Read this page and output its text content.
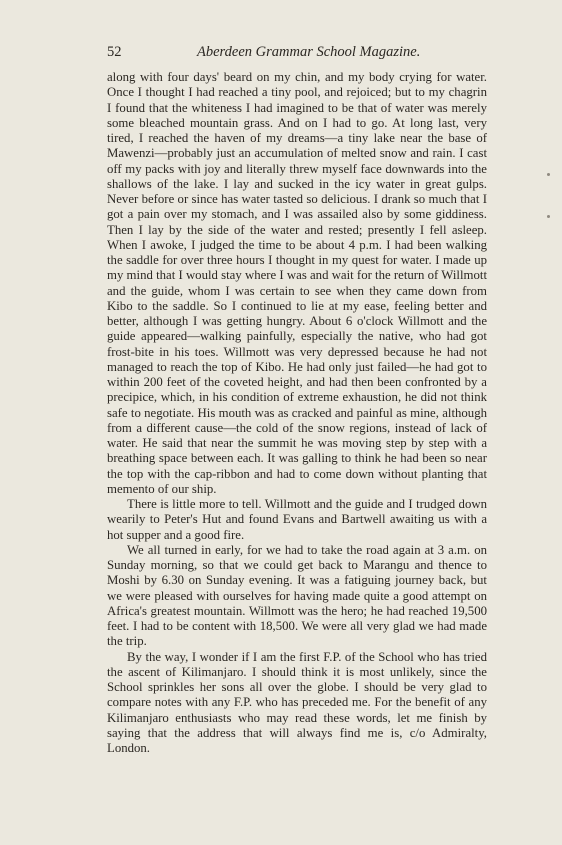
52	Aberdeen Grammar School Magazine.

along with four days' beard on my chin, and my body crying for water. Once I thought I had reached a tiny pool, and rejoiced; but to my chagrin I found that the whiteness I had imagined to be that of water was merely some bleached mountain grass. And on I had to go. At long last, very tired, I reached the haven of my dreams—a tiny lake near the base of Mawenzi—probably just an accumulation of melted snow and rain. I cast off my packs with joy and literally threw myself face downwards into the shallows of the lake. I lay and sucked in the icy water in great gulps. Never before or since has water tasted so delicious. I drank so much that I got a pain over my stomach, and I was assailed also by some giddiness. Then I lay by the side of the water and rested; presently I fell asleep. When I awoke, I judged the time to be about 4 p.m. I had been walking the saddle for over three hours I thought in my quest for water. I made up my mind that I would stay where I was and wait for the return of Willmott and the guide, whom I was certain to see when they came down from Kibo to the saddle. So I continued to lie at my ease, feeling better and better, although I was getting hungry. About 6 o'clock Willmott and the guide appeared—walking painfully, especially the native, who had got frost-bite in his toes. Willmott was very depressed because he had not managed to reach the top of Kibo. He had only just failed—he had got to within 200 feet of the coveted height, and had then been confronted by a precipice, which, in his condition of extreme exhaustion, he did not think safe to negotiate. His mouth was as cracked and painful as mine, although from a different cause—the cold of the snow regions, instead of lack of water. He said that near the summit he was moving step by step with a breathing space between each. It was galling to think he had been so near the top with the cap-ribbon and had to come down without planting that memento of our ship.

There is little more to tell. Willmott and the guide and I trudged down wearily to Peter's Hut and found Evans and Bartwell awaiting us with a hot supper and a good fire.

We all turned in early, for we had to take the road again at 3 a.m. on Sunday morning, so that we could get back to Marangu and thence to Moshi by 6.30 on Sunday evening. It was a fatiguing journey back, but we were pleased with ourselves for having made quite a good attempt on Africa's greatest mountain. Willmott was the hero; he had reached 19,500 feet. I had to be content with 18,500. We were all very glad we had made the trip.

By the way, I wonder if I am the first F.P. of the School who has tried the ascent of Kilimanjaro. I should think it is most unlikely, since the School sprinkles her sons all over the globe. I should be very glad to compare notes with any F.P. who has preceded me. For the benefit of any Kilimanjaro enthusiasts who may read these words, let me finish by saying that the address that will always find me is, c/o Admiralty, London.
